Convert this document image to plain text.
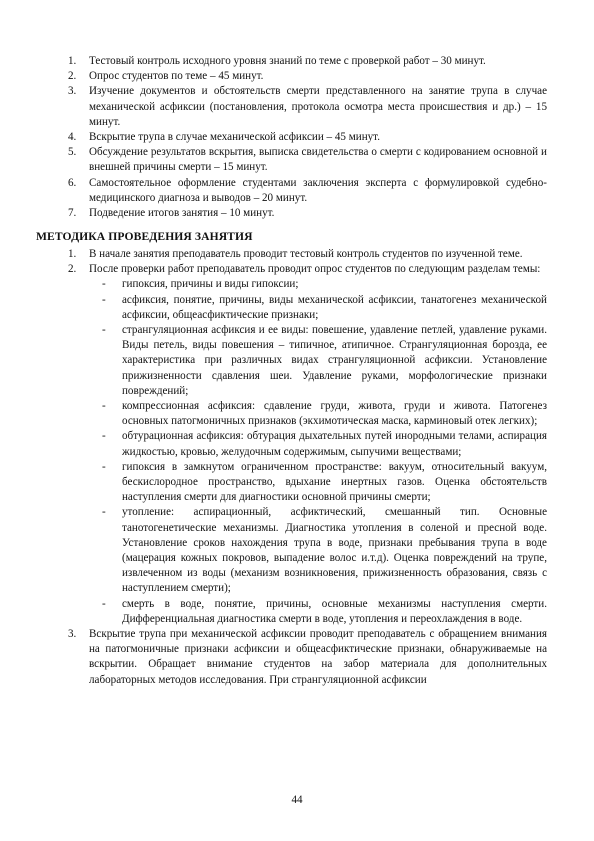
1. Тестовый контроль исходного уровня знаний по теме с проверкой работ – 30 минут.
2. Опрос студентов по теме – 45 минут.
3. Изучение документов и обстоятельств смерти представленного на занятие трупа в случае механической асфиксии (постановления, протокола осмотра места происшествия и др.) – 15 минут.
4. Вскрытие трупа в случае механической асфиксии – 45 минут.
5. Обсуждение результатов вскрытия, выписка свидетельства о смерти с кодированием основной и внешней причины смерти – 15 минут.
6. Самостоятельное оформление студентами заключения эксперта с формулировкой судебно-медицинского диагноза и выводов – 20 минут.
7. Подведение итогов занятия – 10 минут.
МЕТОДИКА ПРОВЕДЕНИЯ ЗАНЯТИЯ
1. В начале занятия преподаватель проводит тестовый контроль студентов по изученной теме.
2. После проверки работ преподаватель проводит опрос студентов по следующим разделам темы:
- гипоксия, причины и виды гипоксии;
- асфиксия, понятие, причины, виды механической асфиксии, танатогенез механической асфиксии, общеасфиктические признаки;
- странгуляционная асфиксия и ее виды: повешение, удавление петлей, удавление руками. Виды петель, виды повешения – типичное, атипичное. Странгуляционная борозда, ее характеристика при различных видах странгуляционной асфиксии. Установление прижизненности сдавления шеи. Удавление руками, морфологические признаки повреждений;
- компрессионная асфиксия: сдавление груди, живота, груди и живота. Патогенез основных патогмоничных признаков (экхимотическая маска, карминовый отек легких);
- обтурационная асфиксия: обтурация дыхательных путей инородными телами, аспирация жидкостью, кровью, желудочным содержимым, сыпучими веществами;
- гипоксия в замкнутом ограниченном пространстве: вакуум, относительный вакуум, бескислородное пространство, вдыхание инертных газов. Оценка обстоятельств наступления смерти для диагностики основной причины смерти;
- утопление: аспирационный, асфиктический, смешанный тип. Основные танотогенетические механизмы. Диагностика утопления в соленой и пресной воде. Установление сроков нахождения трупа в воде, признаки пребывания трупа в воде (мацерация кожных покровов, выпадение волос и.т.д). Оценка повреждений на трупе, извлеченном из воды (механизм возникновения, прижизненность образования, связь с наступлением смерти);
- смерть в воде, понятие, причины, основные механизмы наступления смерти. Дифференциальная диагностика смерти в воде, утопления и переохлаждения в воде.
3. Вскрытие трупа при механической асфиксии проводит преподаватель с обращением внимания на патогмоничные признаки асфиксии и общеасфиктические признаки, обнаруживаемые на вскрытии. Обращает внимание студентов на забор материала для дополнительных лабораторных методов исследования. При странгуляционной асфиксии
44
